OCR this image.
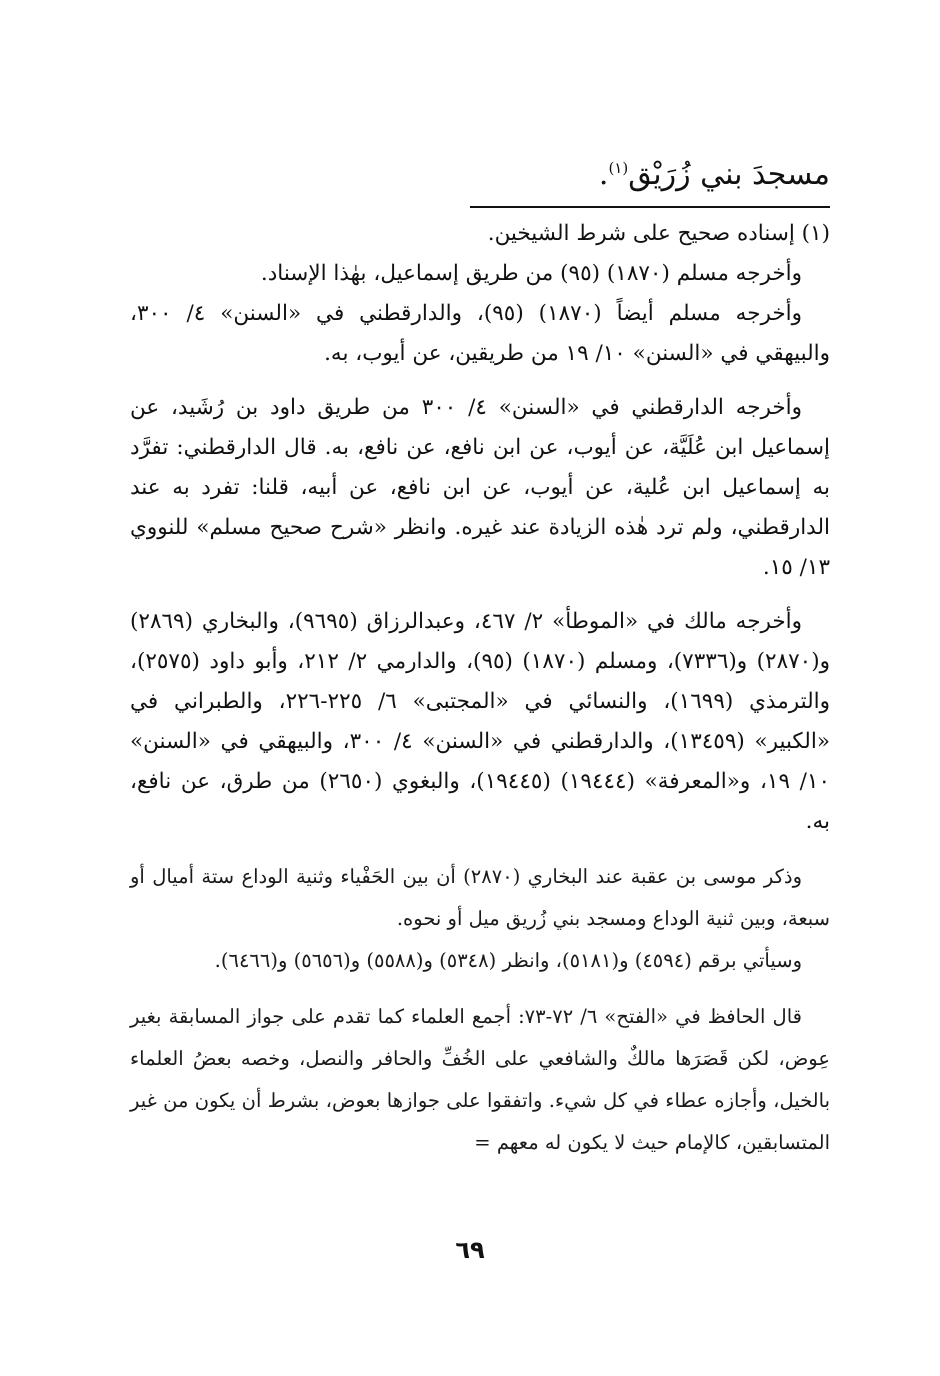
مسجدَ بني زُرَيْق$^{(١)}$.

(١) إسناده صحيح على شرط الشيخين.

وأخرجه مسلم (١٨٧٠) (٩٥) من طريق إسماعيل، بهٰذا الإسناد.

وأخرجه مسلم أيضاً (١٨٧٠) (٩٥)، والدارقطني في «السنن» ٤/ ٣٠٠، والبيهقي في «السنن» ١٠/ ١٩ من طريقين، عن أيوب، به.

وأخرجه الدارقطني في «السنن» ٤/ ٣٠٠ من طريق داود بن رُشَيد، عن إسماعيل ابن عُلَيَّة، عن أيوب، عن ابن نافع، عن نافع، به. قال الدارقطني: تفرَّد به إسماعيل ابن عُلية، عن أيوب، عن ابن نافع، عن أبيه، قلنا: تفرد به عند الدارقطني، ولم ترد هٰذه الزيادة عند غيره. وانظر «شرح صحيح مسلم» للنووي ١٣/ ١٥.

وأخرجه مالك في «الموطأ» ٢/ ٤٦٧، وعبدالرزاق (٩٦٩٥)، والبخاري (٢٨٦٩) و(٢٨٧٠) و(٧٣٣٦)، ومسلم (١٨٧٠) (٩٥)، والدارمي ٢/ ٢١٢، وأبو داود (٢٥٧٥)، والترمذي (١٦٩٩)، والنسائي في «المجتبى» ٦/ ٢٢٥-٢٢٦، والطبراني في «الكبير» (١٣٤٥٩)، والدارقطني في «السنن» ٤/ ٣٠٠، والبيهقي في «السنن» ١٠/ ١٩، و«المعرفة» (١٩٤٤٤) (١٩٤٤٥)، والبغوي (٢٦٥٠) من طرق، عن نافع، به.

وذكر موسى بن عقبة عند البخاري (٢٨٧٠) أن بين الحَفْياء وثنية الوداع ستة أميال أو سبعة، وبين ثنية الوداع ومسجد بني زُريق ميل أو نحوه.

وسيأتي برقم (٤٥٩٤) و(٥١٨١)، وانظر (٥٣٤٨) و(٥٥٨٨) و(٥٦٥٦) و(٦٤٦٦).

قال الحافظ في «الفتح» ٦/ ٧٢-٧٣: أجمع العلماء كما تقدم على جواز المسابقة بغير عِوض، لكن قَصَرَها مالكٌ والشافعي على الخُفِّ والحافر والنصل، وخصه بعضُ العلماء بالخيل، وأجازه عطاء في كل شيء. واتفقوا على جوازها بعوض، بشرط أن يكون من غير المتسابقين، كالإمام حيث لا يكون له معهم =

٦٩
